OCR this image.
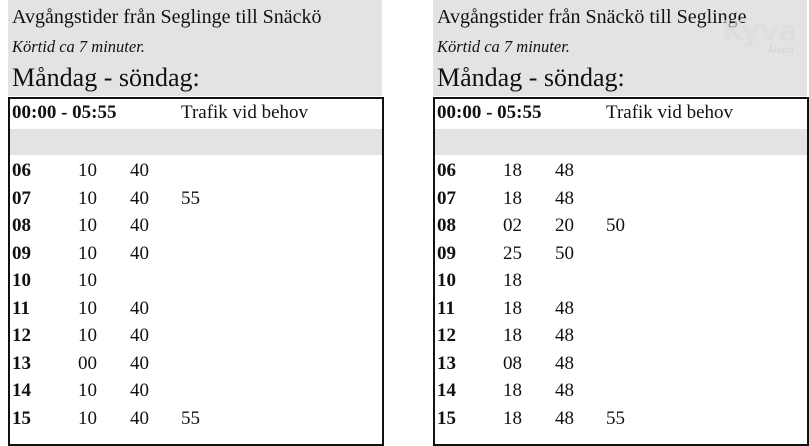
Avgångstider från Seglinge till Snäckö
Körtid ca 7 minuter.
Måndag - söndag:
00:00 - 05:55	Trafik vid behov
06 10 40
07 10 40 55
08 10 40
09 10 40
10 10
11	10 40
12 10 40
13 00 40
14 10 40
15 10 40 55
Avgångstider från Snäckö till Seglinge
Körtid ca 7 minuter.
Måndag - söndag:
00:00 - 05:55	Trafik vid behov
06 18 48
07 18 48
08 02 20 50
09 25 50
10 18
11	18 48
12 18 48
13 08 48
14 18 48
15 18 48 55
Kyva
Åland
